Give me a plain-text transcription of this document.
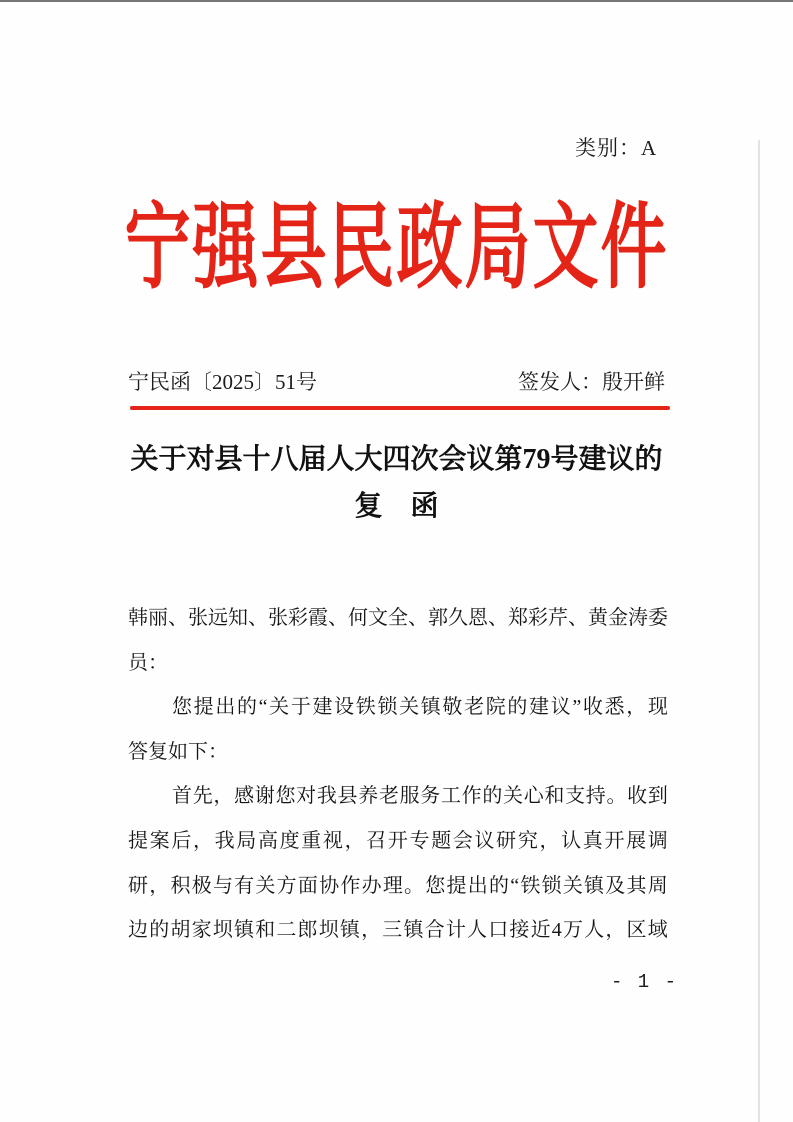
类别：A
宁强县民政局文件
宁民函〔2025〕51号	签发人：殷开鲜
关于对县十八届人大四次会议第79号建议的
复　函
韩 丽 、 张 远 知 、 张 彩 霞 、 何 文 全 、 郭 久 恩 、 郑 彩 芹 、 黄 金 涛 委
员：
您 提 出 的 “ 关 于 建 设 铁 锁 关 镇 敬 老 院 的 建 议 ” 收 悉 ， 现
答复如下：
首 先 ， 感 谢 您 对 我 县 养 老 服 务 工 作 的 关 心 和 支 持 。 收 到
提 案 后 ， 我 局 高 度 重 视 ， 召 开 专 题 会 议 研 究 ， 认 真 开 展 调
研 ， 积 极 与 有 关 方 面 协 作 办 理 。 您 提 出 的 “ 铁 锁 关 镇 及 其 周
边 的 胡 家 坝 镇 和 二 郎 坝 镇 ， 三 镇 合 计 人 口 接 近 4 万 人 ， 区 域
- 1 -
